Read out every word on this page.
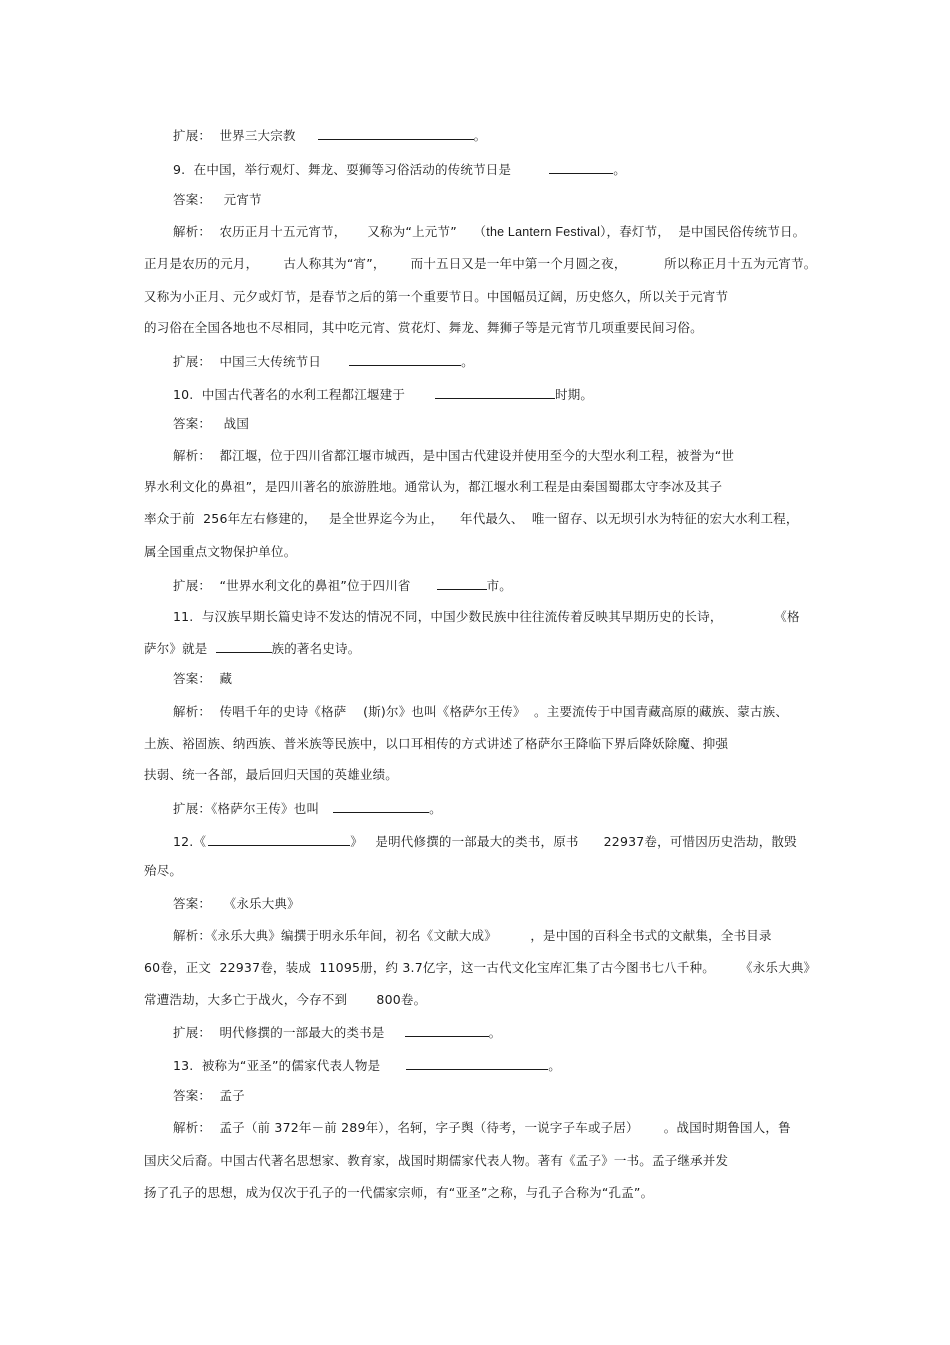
扩展：  世界三大宗教	。
9.  在中国，举行观灯、舞龙、耍狮等习俗活动的传统节日是	。
答案：   元宵节
解析：  农历正月十五元宵节，     又称为“上元节”    （the Lantern Festival），春灯节，  是中国民俗传统节日。
正月是农历的元月，      古人称其为“宵”，      而十五日又是一年中第一个月圆之夜，         所以称正月十五为元宵节。
又称为小正月、元夕或灯节，是春节之后的第一个重要节日。中国幅员辽阔，历史悠久，所以关于元宵节
的习俗在全国各地也不尽相同，其中吃元宵、赏花灯、舞龙、舞狮子等是元宵节几项重要民间习俗。
扩展：  中国三大传统节日	。
10.  中国古代著名的水利工程都江堰建于	时期。
答案：   战国
解析：  都江堰，位于四川省都江堰市城西，是中国古代建设并使用至今的大型水利工程，被誉为“世
界水利文化的鼻祖”，是四川著名的旅游胜地。通常认为，都江堰水利工程是由秦国蜀郡太守李冰及其子
率众于前  256年左右修建的，   是全世界迄今为止，    年代最久、  唯一留存、以无坝引水为特征的宏大水利工程，
属全国重点文物保护单位。
扩展：  “世界水利文化的鼻祖”位于四川省	市。
11.  与汉族早期长篇史诗不发达的情况不同，中国少数民族中往往流传着反映其早期历史的长诗，	《格
萨尔》就是	族的著名史诗。
答案：  藏
解析：  传唱千年的史诗《格萨    (斯)尔》也叫《格萨尔王传》  。主要流传于中国青藏高原的藏族、蒙古族、
土族、裕固族、纳西族、普米族等民族中，以口耳相传的方式讲述了格萨尔王降临下界后降妖除魔、抑强
扶弱、统一各部，最后回归天国的英雄业绩。
扩展：《格萨尔王传》也叫	。
12.《	》   是明代修撰的一部最大的类书，原书      22937卷，可惜因历史浩劫，散毁
殆尽。
答案：   《永乐大典》
解析：《永乐大典》编撰于明永乐年间，初名《文献大成》        ，是中国的百科全书式的文献集，全书目录
60卷，正文  22937卷，装成  11095册，约 3.7亿字，这一古代文化宝库汇集了古今图书七八千种。      《永乐大典》
常遭浩劫，大多亡于战火，今存不到       800卷。
扩展：  明代修撰的一部最大的类书是	。
13.  被称为“亚圣”的儒家代表人物是	。
答案：  孟子
解析：  孟子（前 372年－前 289年），名轲，字子舆（待考，一说字子车或子居）      。战国时期鲁国人，鲁
国庆父后裔。中国古代著名思想家、教育家，战国时期儒家代表人物。著有《孟子》一书。孟子继承并发
扬了孔子的思想，成为仅次于孔子的一代儒家宗师，有“亚圣”之称，与孔子合称为“孔孟”。
